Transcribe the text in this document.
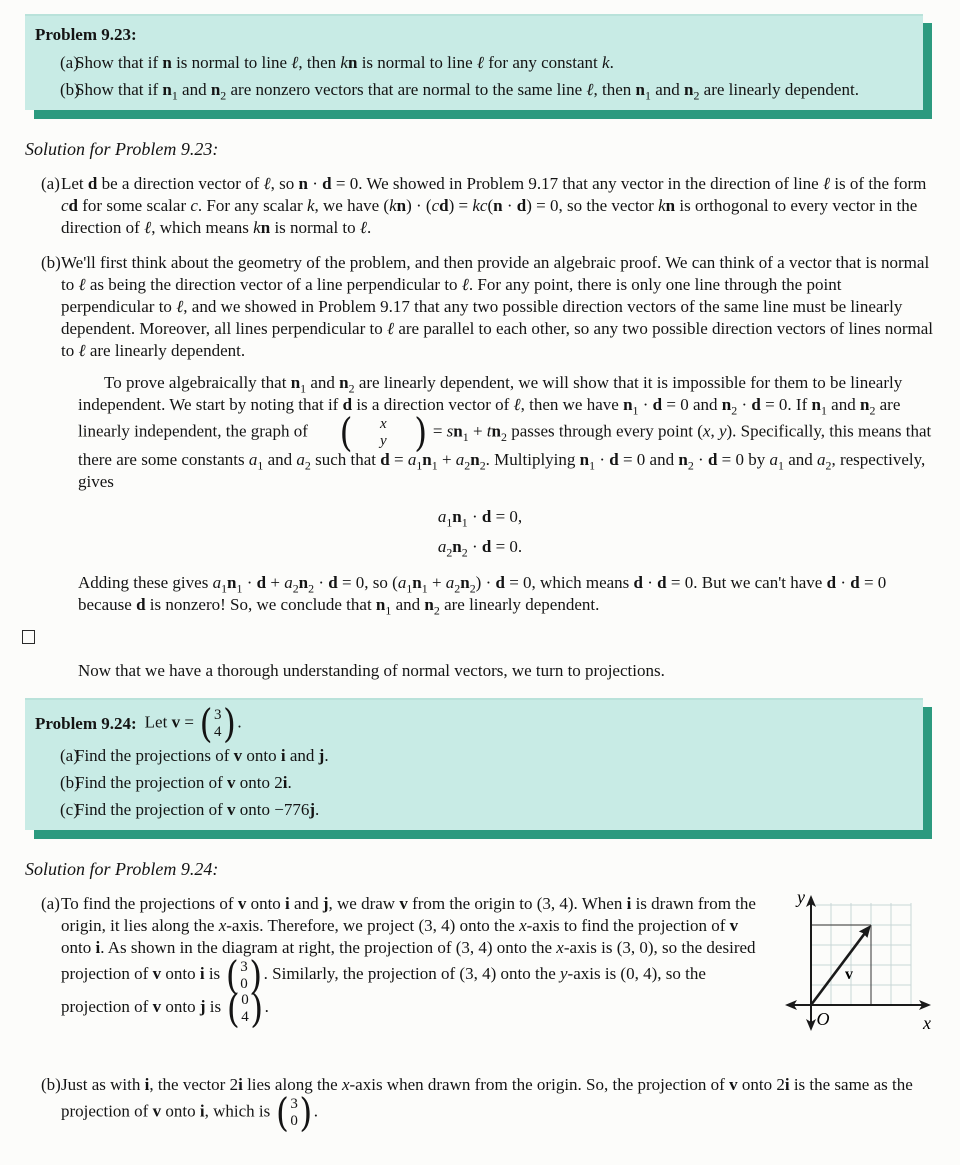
Problem 9.23:
(a)
Show that if n is normal to line ℓ, then kn is normal to line ℓ for any constant k.
(b)
Show that if $n_1$ and $n_2$ are nonzero vectors that are normal to the same line ℓ, then $n_1$ and $n_2$ are linearly dependent.
Solution for Problem 9.23:
(a) Let d be a direction vector of ℓ, so n · d = 0. We showed in Problem 9.17 that any vector in the direction of line ℓ is of the form cd for some scalar c. For any scalar k, we have (kn) · (cd) = kc(n · d) = 0, so the vector kn is orthogonal to every vector in the direction of ℓ, which means kn is normal to ℓ.
(b) We'll first think about the geometry of the problem, and then provide an algebraic proof. We can think of a vector that is normal to ℓ as being the direction vector of a line perpendicular to ℓ. For any point, there is only one line through the point perpendicular to ℓ, and we showed in Problem 9.17 that any two possible direction vectors of the same line must be linearly dependent. Moreover, all lines perpendicular to ℓ are parallel to each other, so any two possible direction vectors of lines normal to ℓ are linearly dependent.
To prove algebraically that $n_1$ and $n_2$ are linearly dependent, we will show that it is impossible for them to be linearly independent. We start by noting that if d is a direction vector of ℓ, then we have $n_1 \cdot d = 0$ and $n_2 \cdot d = 0$. If $n_1$ and $n_2$ are linearly independent, the graph of (	x
y ) = $sn_1 + tn_2$ passes through every point (x, y). Specifically, this means that there are some constants $a_1$ and $a_2$ such that $d = a_1n_1 + a_2n_2$. Multiplying $n_1 \cdot d = 0$ and $n_2 \cdot d = 0$ by $a_1$ and $a_2$, respectively, gives
$a_1n_1 \cdot d = 0$,
$a_2n_2 \cdot d = 0$.
Adding these gives $a_1n_1 \cdot d + a_2n_2 \cdot d = 0$, so $(a_1n_1 + a_2n_2) \cdot d = 0$, which means d · d = 0. But we can't have d · d = 0 because d is nonzero! So, we conclude that $n_1$ and $n_2$ are linearly dependent.
Now that we have a thorough understanding of normal vectors, we turn to projections.
Problem 9.24: Let v = ( 3
4 ) .
(a)
Find the projections of v onto i and j.
(b)
Find the projection of v onto 2i.
(c)
Find the projection of v onto −776j.
Solution for Problem 9.24:
(a)	y
x
O
v
To find the projections of v onto i and j, we draw v from the origin to (3, 4). When i is drawn from the origin, it lies along the x-axis. Therefore, we project (3, 4) onto the x-axis to find the projection of v onto i. As shown in the diagram at right, the projection of (3, 4) onto the x-axis is (3, 0), so the desired projection of v onto i is ( 3
0 ) . Similarly, the projection of (3, 4) onto the y-axis is (0, 4), so the projection of v onto j is ( 0
4 ) .
(b) Just as with i, the vector 2i lies along the x-axis when drawn from the origin. So, the projection of v onto 2i is the same as the projection of v onto i, which is ( 3
0 ) .
